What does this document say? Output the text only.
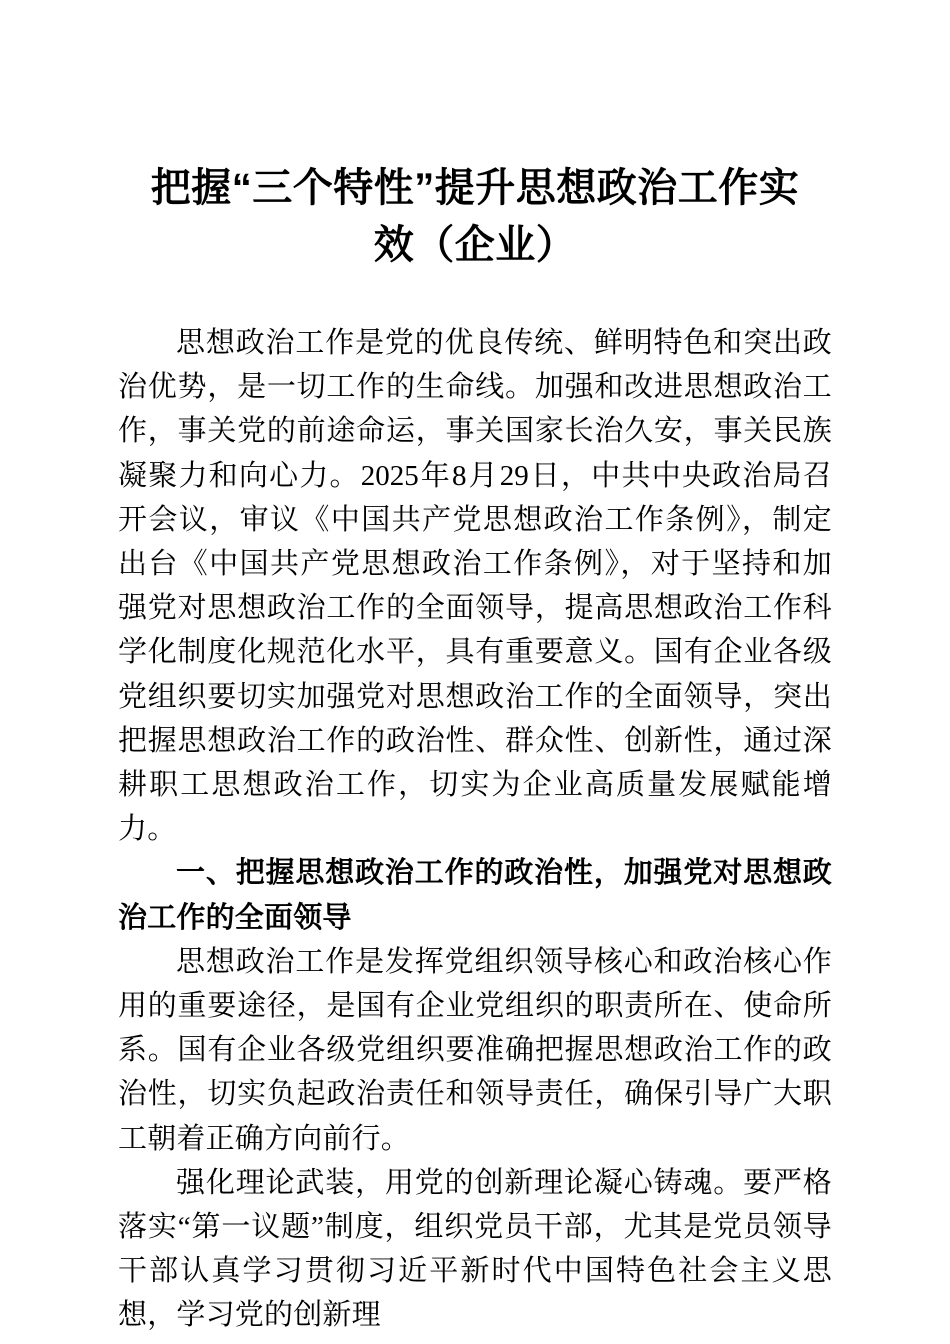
把握“三个特性”提升思想政治工作实
效（企业）

思想政治工作是党的优良传统、鲜明特色和突出政治优势，是一切工作的生命线。加强和改进思想政治工作，事关党的前途命运，事关国家长治久安，事关民族凝聚力和向心力。2025年8月29日，中共中央政治局召开会议，审议《中国共产党思想政治工作条例》，制定出台《中国共产党思想政治工作条例》，对于坚持和加强党对思想政治工作的全面领导，提高思想政治工作科学化制度化规范化水平，具有重要意义。国有企业各级党组织要切实加强党对思想政治工作的全面领导，突出把握思想政治工作的政治性、群众性、创新性，通过深耕职工思想政治工作，切实为企业高质量发展赋能增力。

一、把握思想政治工作的政治性，加强党对思想政治工作的全面领导

思想政治工作是发挥党组织领导核心和政治核心作用的重要途径，是国有企业党组织的职责所在、使命所系。国有企业各级党组织要准确把握思想政治工作的政治性，切实负起政治责任和领导责任，确保引导广大职工朝着正确方向前行。

强化理论武装，用党的创新理论凝心铸魂。要严格落实“第一议题”制度，组织党员干部，尤其是党员领导干部认真学习贯彻习近平新时代中国特色社会主义思想，学习党的创新理
